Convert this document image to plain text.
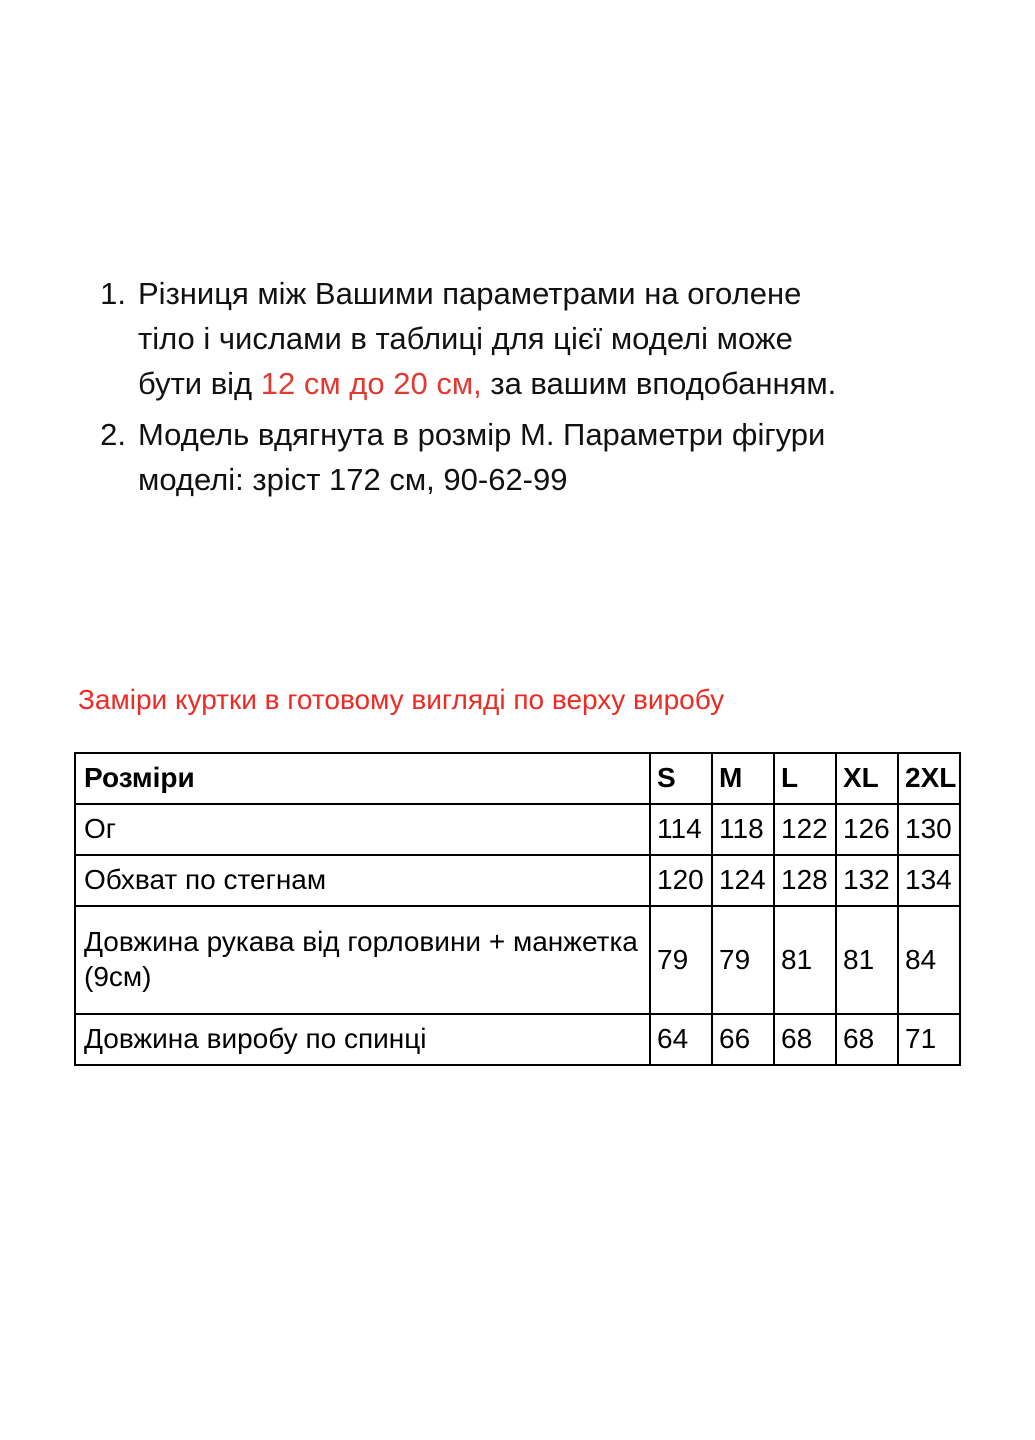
1. Різниця між Вашими параметрами на оголене тіло і числами в таблиці для цієї моделі може бути від 12 см до 20 см, за вашим вподобанням.
2. Модель вдягнута в розмір М. Параметри фігури моделі: зріст 172 см, 90-62-99
Заміри куртки в готовому вигляді по верху виробу
Розміри	S	M	L	XL	2XL
Ог	114	118	122	126	130
Обхват по стегнам	120	124	128	132	134
Довжина рукава від горловини + манжетка (9см)	79	79	81	81	84
Довжина виробу по спинці	64	66	68	68	71
